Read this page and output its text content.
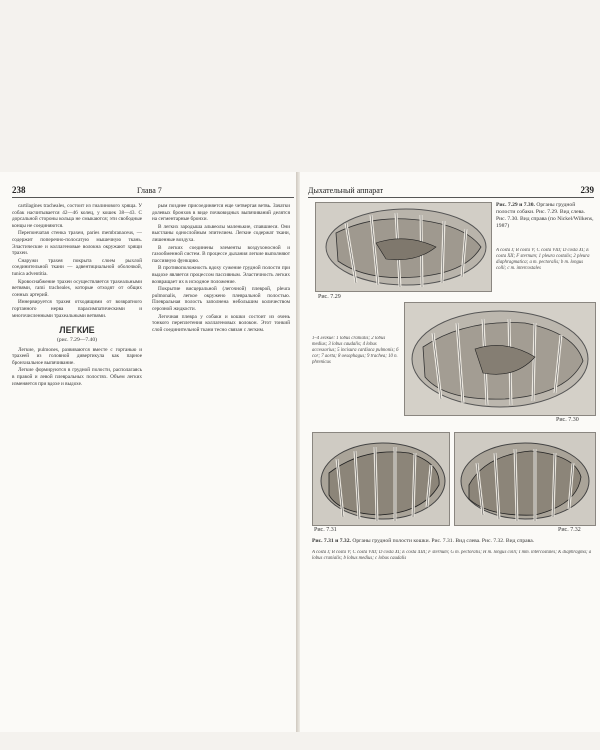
238	Глава 7

cartilagines tracheales, состоит из гиалинового хряща. У собак насчитывается 42—46 колец, у кошек 38—43. С дорсальной стороны кольца не смыкаются; эти свободные концы не соединяются.

Перепончатая стенка трахеи, paries membranaceus, — содержит поперечно-полосатую мышечную ткань. Эластические и коллагеновые волокна окружают хрящи трахеи.

Снаружи трахея покрыта слоем рыхлой соединительной ткани — адвентициальной оболочкой, tunica adventitia.

Кровоснабжение трахеи осуществляется трахеальными ветвями, rami tracheales, которые отходят от общих сонных артерий.

Иннервируется трахея отходящими от возвратного гортанного нерва парасимпатическими и многочисленными трахеальными ветвями.

ЛЕГКИЕ
(рис. 7.29—7.40)

Легкие, pulmones, развиваются вместе с гортанью и трахеей из головной дивертикула как парное бронхиальное выпячивание.

Легкие формируются в грудной полости, располагаясь в правой и левой плевральных полостях. Объем легких изменяется при вдохе и выдохе.

рым позднее присоединяется еще четвертая ветвь. Зачатки долевых бронхов в виде почковидных выпячиваний делятся на сегментарные бронхи.

В легких зародыша альвеолы маленькие, спавшиеся. Они выстланы однослойным эпителием. Легкие содержат ткани, лишенные воздуха.

В легких соединены элементы воздухоносной и газообменной систем. В процессе дыхания легкие выполняют пассивную функцию.

В противоположность вдоху сужение грудной полости при выдохе является процессом пассивным. Эластичность легких возвращает их в исходное положение.

Покрытие висцеральной (легочной) плеврой, pleura pulmonalis, легкое окружено плевральной полостью. Плевральная полость заполнена небольшим количеством серозной жидкости.

Легочная плевра у собаки и кошки состоит из очень тонкого переплетения коллагеновых волокон. Этот тонкий слой соединительной ткани тесно связан с легким.

Дыхательный аппарат	239
Рис. 7.29
Рис. 7.29 и 7.30. Органы грудной полости собаки. Рис. 7.29. Вид слева. Рис. 7.30. Вид справа (по Nickel/Wilkens, 1987)
A costa I; B costa V; C costa VIII; D costa XI; E costa XII; F sternum; 1 pleura costalis; 2 pleura diaphragmatica; a m. pectoralis; b m. longus colli; c m. intercostales
Рис. 7.30
1–4 легкие: 1 lobus cranialis; 2 lobus medius; 3 lobus caudalis; 4 lobus accessorius; 5 incisura cardiaca pulmonis; 6 cor; 7 aorta; 8 oesophagus; 9 trachea; 10 n. phrenicus
Рис. 7.31	Рис. 7.32
Рис. 7.31 и 7.32. Органы грудной полости кошки. Рис. 7.31. Вид слева. Рис. 7.32. Вид справа.
A costa I; B costa V; C costa VIII; D costa XI; E costa XIII; F sternum; G m. pectoralis; H m. longus colli; I mm. intercostales; K diaphragma; a lobus cranialis; b lobus medius; c lobus caudalis
